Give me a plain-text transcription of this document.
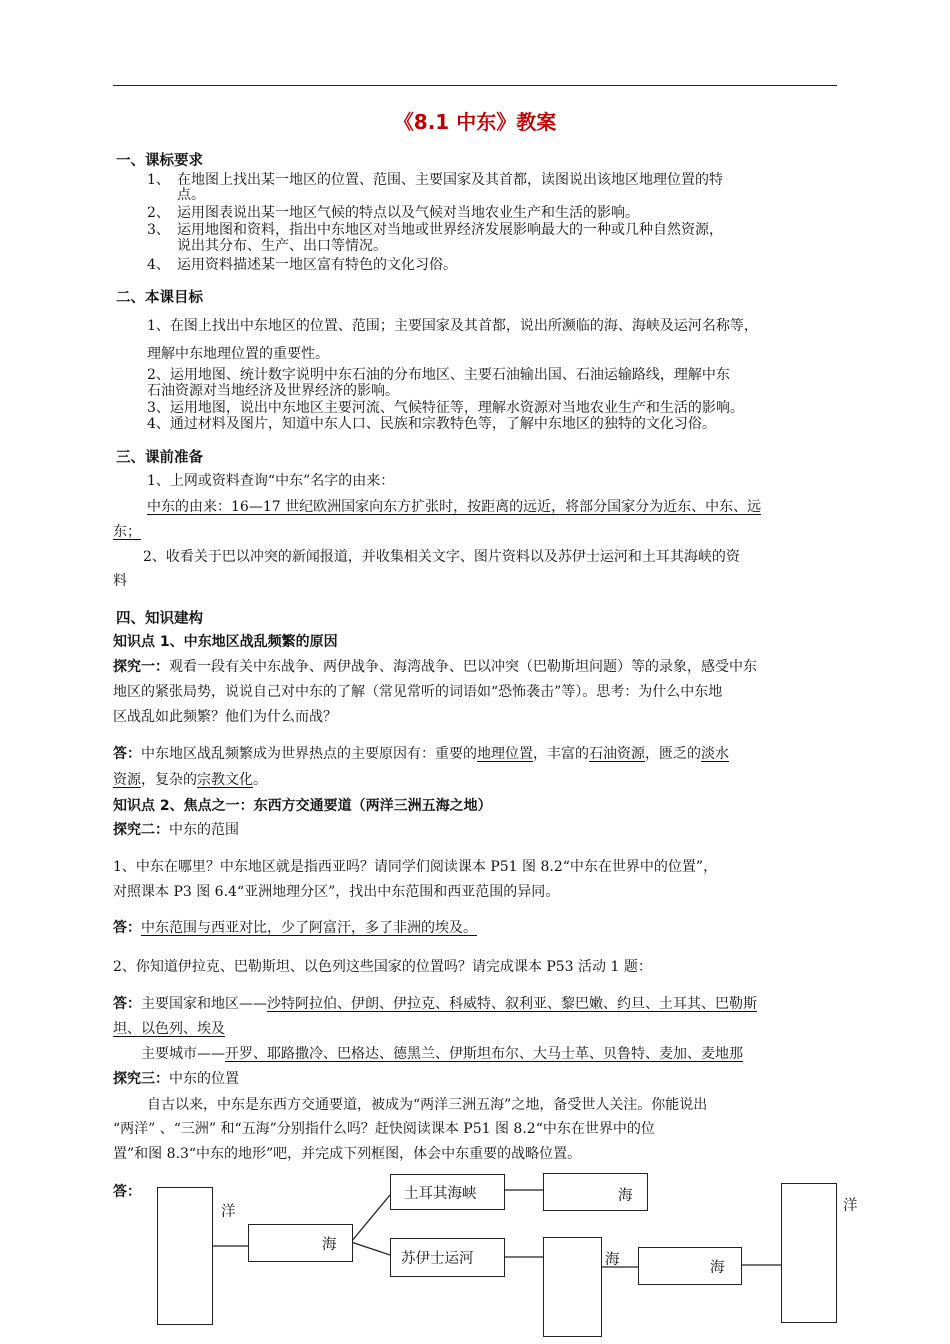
《8.1 中东》教案
一、课标要求
1、 在地图上找出某一地区的位置、范围、主要国家及其首都，读图说出该地区地理位置的特
点。
2、 运用图表说出某一地区气候的特点以及气候对当地农业生产和生活的影响。
3、 运用地图和资料，指出中东地区对当地或世界经济发展影响最大的一种或几种自然资源，
说出其分布、生产、出口等情况。
4、 运用资料描述某一地区富有特色的文化习俗。
二、本课目标
1、在图上找出中东地区的位置、范围；主要国家及其首都，说出所濒临的海、海峡及运河名称等，
理解中东地理位置的重要性。
2、运用地图、统计数字说明中东石油的分布地区、主要石油输出国、石油运输路线，理解中东
石油资源对当地经济及世界经济的影响。
3、运用地图，说出中东地区主要河流、气候特征等，理解水资源对当地农业生产和生活的影响。
4、通过材料及图片，知道中东人口、民族和宗教特色等，了解中东地区的独特的文化习俗。
三、课前准备
1、上网或资料查询“中东”名字的由来：
中东的由来：16—17 世纪欧洲国家向东方扩张时，按距离的远近，将部分国家分为近东、中东、远
东；
2、收看关于巴以冲突的新闻报道，并收集相关文字、图片资料以及苏伊士运河和土耳其海峡的资
料
四、知识建构
知识点 1、中东地区战乱频繁的原因
探究一：观看一段有关中东战争、两伊战争、海湾战争、巴以冲突（巴勒斯坦问题）等的录象，感受中东
地区的紧张局势，说说自己对中东的了解（常见常听的词语如“恐怖袭击”等）。思考：为什么中东地
区战乱如此频繁？他们为什么而战？
答：中东地区战乱频繁成为世界热点的主要原因有：重要的地理位置，丰富的石油资源，匮乏的淡水
资源，复杂的宗教文化。
知识点 2、焦点之一：东西方交通要道（两洋三洲五海之地）
探究二：中东的范围
1、中东在哪里？中东地区就是指西亚吗？请同学们阅读课本 P51 图 8.2“中东在世界中的位置”，
对照课本 P3 图 6.4“亚洲地理分区”，找出中东范围和西亚范围的异同。
答：中东范围与西亚对比，少了阿富汗，多了非洲的埃及。
2、你知道伊拉克、巴勒斯坦、以色列这些国家的位置吗？请完成课本 P53 活动 1 题：
答：主要国家和地区——沙特阿拉伯、伊朗、伊拉克、科威特、叙利亚、黎巴嫩、约旦、土耳其、巴勒斯
坦、以色列、埃及
主要城市——开罗、耶路撒冷、巴格达、德黑兰、伊斯坦布尔、大马士革、贝鲁特、麦加、麦地那
探究三：中东的位置
自古以来，中东是东西方交通要道，被成为“两洋三洲五海”之地，备受世人关注。你能说出
“两洋” 、“三洲” 和“五海”分别指什么吗？赶快阅读课本 P51 图 8.2“中东在世界中的位
置”和图 8.3“中东的地形”吧，并完成下列框图，体会中东重要的战略位置。
答：
洋
海
土耳其海峡
苏伊士运河
海
海	海
洋
